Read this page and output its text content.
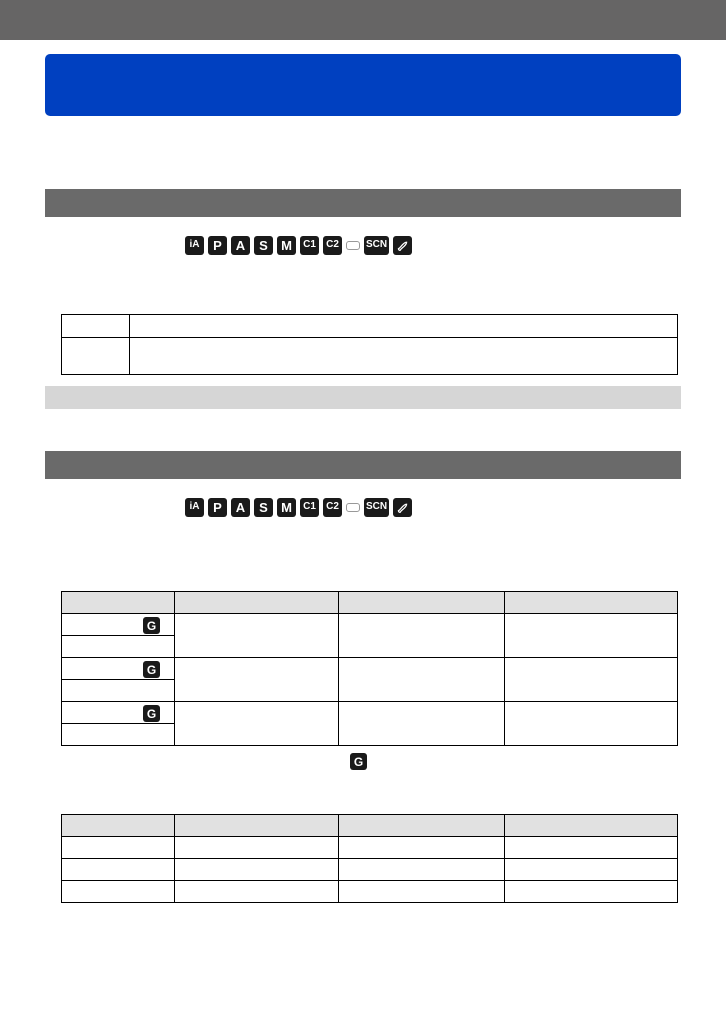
iA	P	A	S	M	C1	C2	SCN

iA	P	A	S	M	C1	C2	SCN

G			

G			

G			

G
